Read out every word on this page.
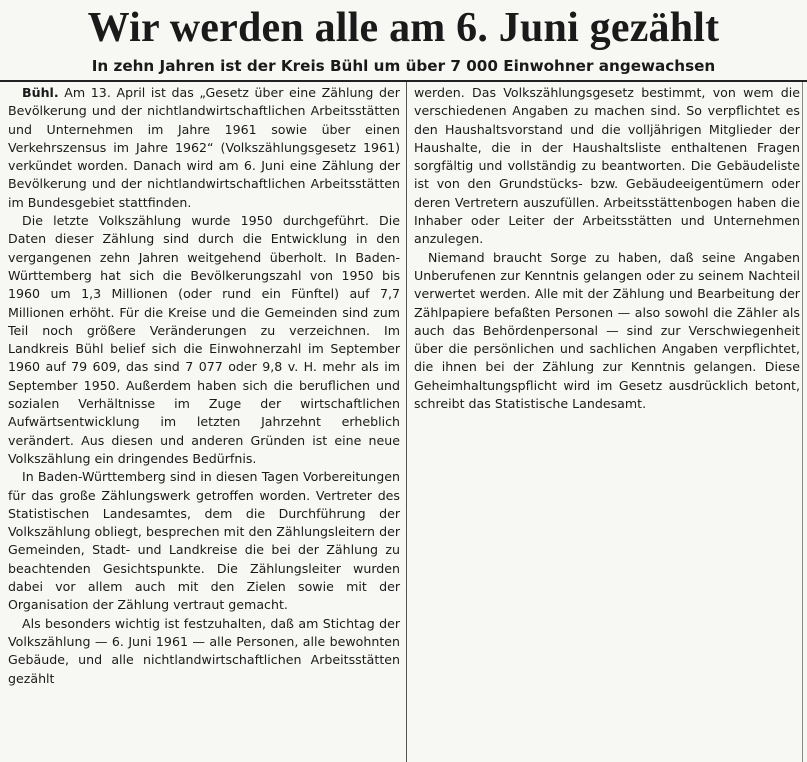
Wir werden alle am 6. Juni gezählt
In zehn Jahren ist der Kreis Bühl um über 7 000 Einwohner angewachsen

Bühl. Am 13. April ist das „Gesetz über eine Zählung der Bevölkerung und der nichtlandwirtschaftlichen Arbeitsstätten und Unternehmen im Jahre 1961 sowie über einen Verkehrszensus im Jahre 1962“ (Volkszählungsgesetz 1961) verkündet worden. Danach wird am 6. Juni eine Zählung der Bevölkerung und der nichtlandwirtschaftlichen Arbeitsstätten im Bundesgebiet stattfinden.

Die letzte Volkszählung wurde 1950 durchgeführt. Die Daten dieser Zählung sind durch die Entwicklung in den vergangenen zehn Jahren weitgehend überholt. In Baden-Württemberg hat sich die Bevölkerungszahl von 1950 bis 1960 um 1,3 Millionen (oder rund ein Fünftel) auf 7,7 Millionen erhöht. Für die Kreise und die Gemeinden sind zum Teil noch größere Veränderungen zu verzeichnen. Im Landkreis Bühl belief sich die Einwohnerzahl im September 1960 auf 79 609, das sind 7 077 oder 9,8 v. H. mehr als im September 1950. Außerdem haben sich die beruflichen und sozialen Verhältnisse im Zuge der wirtschaftlichen Aufwärtsentwicklung im letzten Jahrzehnt erheblich verändert. Aus diesen und anderen Gründen ist eine neue Volkszählung ein dringendes Bedürfnis.

In Baden-Württemberg sind in diesen Tagen Vorbereitungen für das große Zählungswerk getroffen worden. Vertreter des Statistischen Landesamtes, dem die Durchführung der Volkszählung obliegt, besprechen mit den Zählungsleitern der Gemeinden, Stadt- und Landkreise die bei der Zählung zu beachtenden Gesichtspunkte. Die Zählungsleiter wurden dabei vor allem auch mit den Zielen sowie mit der Organisation der Zählung vertraut gemacht.

Als besonders wichtig ist festzuhalten, daß am Stichtag der Volkszählung — 6. Juni 1961 — alle Personen, alle bewohnten Gebäude, und alle nichtlandwirtschaftlichen Arbeitsstätten gezählt

werden. Das Volkszählungsgesetz bestimmt, von wem die verschiedenen Angaben zu machen sind. So verpflichtet es den Haushaltsvorstand und die volljährigen Mitglieder der Haushalte, die in der Haushaltsliste enthaltenen Fragen sorgfältig und vollständig zu beantworten. Die Gebäudeliste ist von den Grundstücks- bzw. Gebäudeeigentümern oder deren Vertretern auszufüllen. Arbeitsstättenbogen haben die Inhaber oder Leiter der Arbeitsstätten und Unternehmen anzulegen.

Niemand braucht Sorge zu haben, daß seine Angaben Unberufenen zur Kenntnis gelangen oder zu seinem Nachteil verwertet werden. Alle mit der Zählung und Bearbeitung der Zählpapiere befaßten Personen — also sowohl die Zähler als auch das Behördenpersonal — sind zur Verschwiegenheit über die persönlichen und sachlichen Angaben verpflichtet, die ihnen bei der Zählung zur Kenntnis gelangen. Diese Geheimhaltungspflicht wird im Gesetz ausdrücklich betont, schreibt das Statistische Landesamt.
